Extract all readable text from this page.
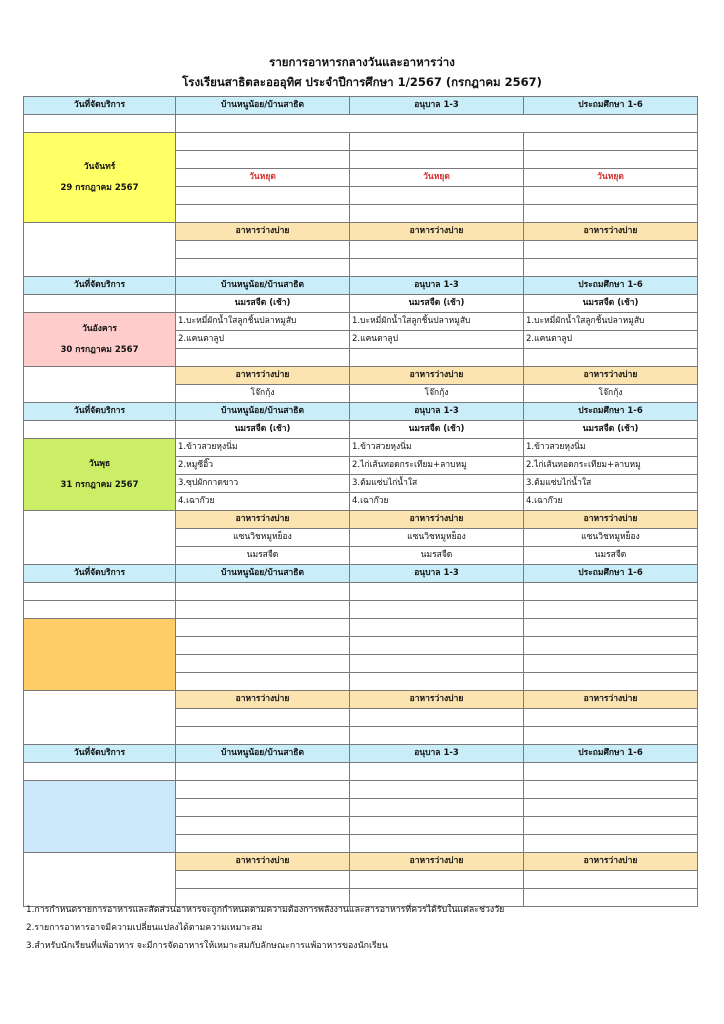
รายการอาหารกลางวันและอาหารว่าง
โรงเรียนสาธิตละอออุทิศ ประจำปีการศึกษา 1/2567 (กรกฎาคม 2567)
วันที่จัดบริการ	บ้านหนูน้อย/บ้านสาธิต	อนุบาล 1-3	ประถมศึกษา 1-6

วันจันทร์
29 กรกฎาคม 2567			

	วันหยุด	วันหยุด	วันหยุด

	อาหารว่างบ่าย	อาหารว่างบ่าย	อาหารว่างบ่าย

วันที่จัดบริการ	บ้านหนูน้อย/บ้านสาธิต	อนุบาล 1-3	ประถมศึกษา 1-6
	นมรสจืด (เช้า)	นมรสจืด (เช้า)	นมรสจืด (เช้า)

วันอังคาร
30 กรกฎาคม 2567	1.บะหมี่ผักน้ำใสลูกชิ้นปลาหมูสับ	1.บะหมี่ผักน้ำใสลูกชิ้นปลาหมูสับ	1.บะหมี่ผักน้ำใสลูกชิ้นปลาหมูสับ
	2.แคนตาลูป	2.แคนตาลูป	2.แคนตาลูป

	อาหารว่างบ่าย	อาหารว่างบ่าย	อาหารว่างบ่าย
	โจ๊กกุ้ง	โจ๊กกุ้ง	โจ๊กกุ้ง
วันที่จัดบริการ	บ้านหนูน้อย/บ้านสาธิต	อนุบาล 1-3	ประถมศึกษา 1-6
	นมรสจืด (เช้า)	นมรสจืด (เช้า)	นมรสจืด (เช้า)

วันพุธ
31 กรกฎาคม 2567	1.ข้าวสวยหุงนิ่ม	1.ข้าวสวยหุงนิ่ม	1.ข้าวสวยหุงนิ่ม
	2.หมูซีอิ๊ว	2.ไก่เส้นทอดกระเทียม+ลาบหมู	2.ไก่เส้นทอดกระเทียม+ลาบหมู
	3.ซุปผักกาดขาว	3.ต้มแซ่บไก่น้ำใส	3.ต้มแซ่บไก่น้ำใส
	4.เฉาก๊วย	4.เฉาก๊วย	4.เฉาก๊วย
	อาหารว่างบ่าย	อาหารว่างบ่าย	อาหารว่างบ่าย
	แซนวิชหมูหย็อง	แซนวิชหมูหย็อง	แซนวิชหมูหย็อง
	นมรสจืด	นมรสจืด	นมรสจืด
วันที่จัดบริการ	บ้านหนูน้อย/บ้านสาธิต	อนุบาล 1-3	ประถมศึกษา 1-6

	อาหารว่างบ่าย	อาหารว่างบ่าย	อาหารว่างบ่าย

วันที่จัดบริการ	บ้านหนูน้อย/บ้านสาธิต	อนุบาล 1-3	ประถมศึกษา 1-6

	อาหารว่างบ่าย	อาหารว่างบ่าย	อาหารว่างบ่าย

1.การกำหนดรายการอาหารและสัดส่วนอาหารจะถูกกำหนดตามความต้องการพลังงานและสารอาหารที่ควรได้รับในแต่ละช่วงวัย
2.รายการอาหารอาจมีความเปลี่ยนแปลงได้ตามความเหมาะสม
3.สำหรับนักเรียนที่แพ้อาหาร จะมีการจัดอาหารให้เหมาะสมกับลักษณะการแพ้อาหารของนักเรียน
